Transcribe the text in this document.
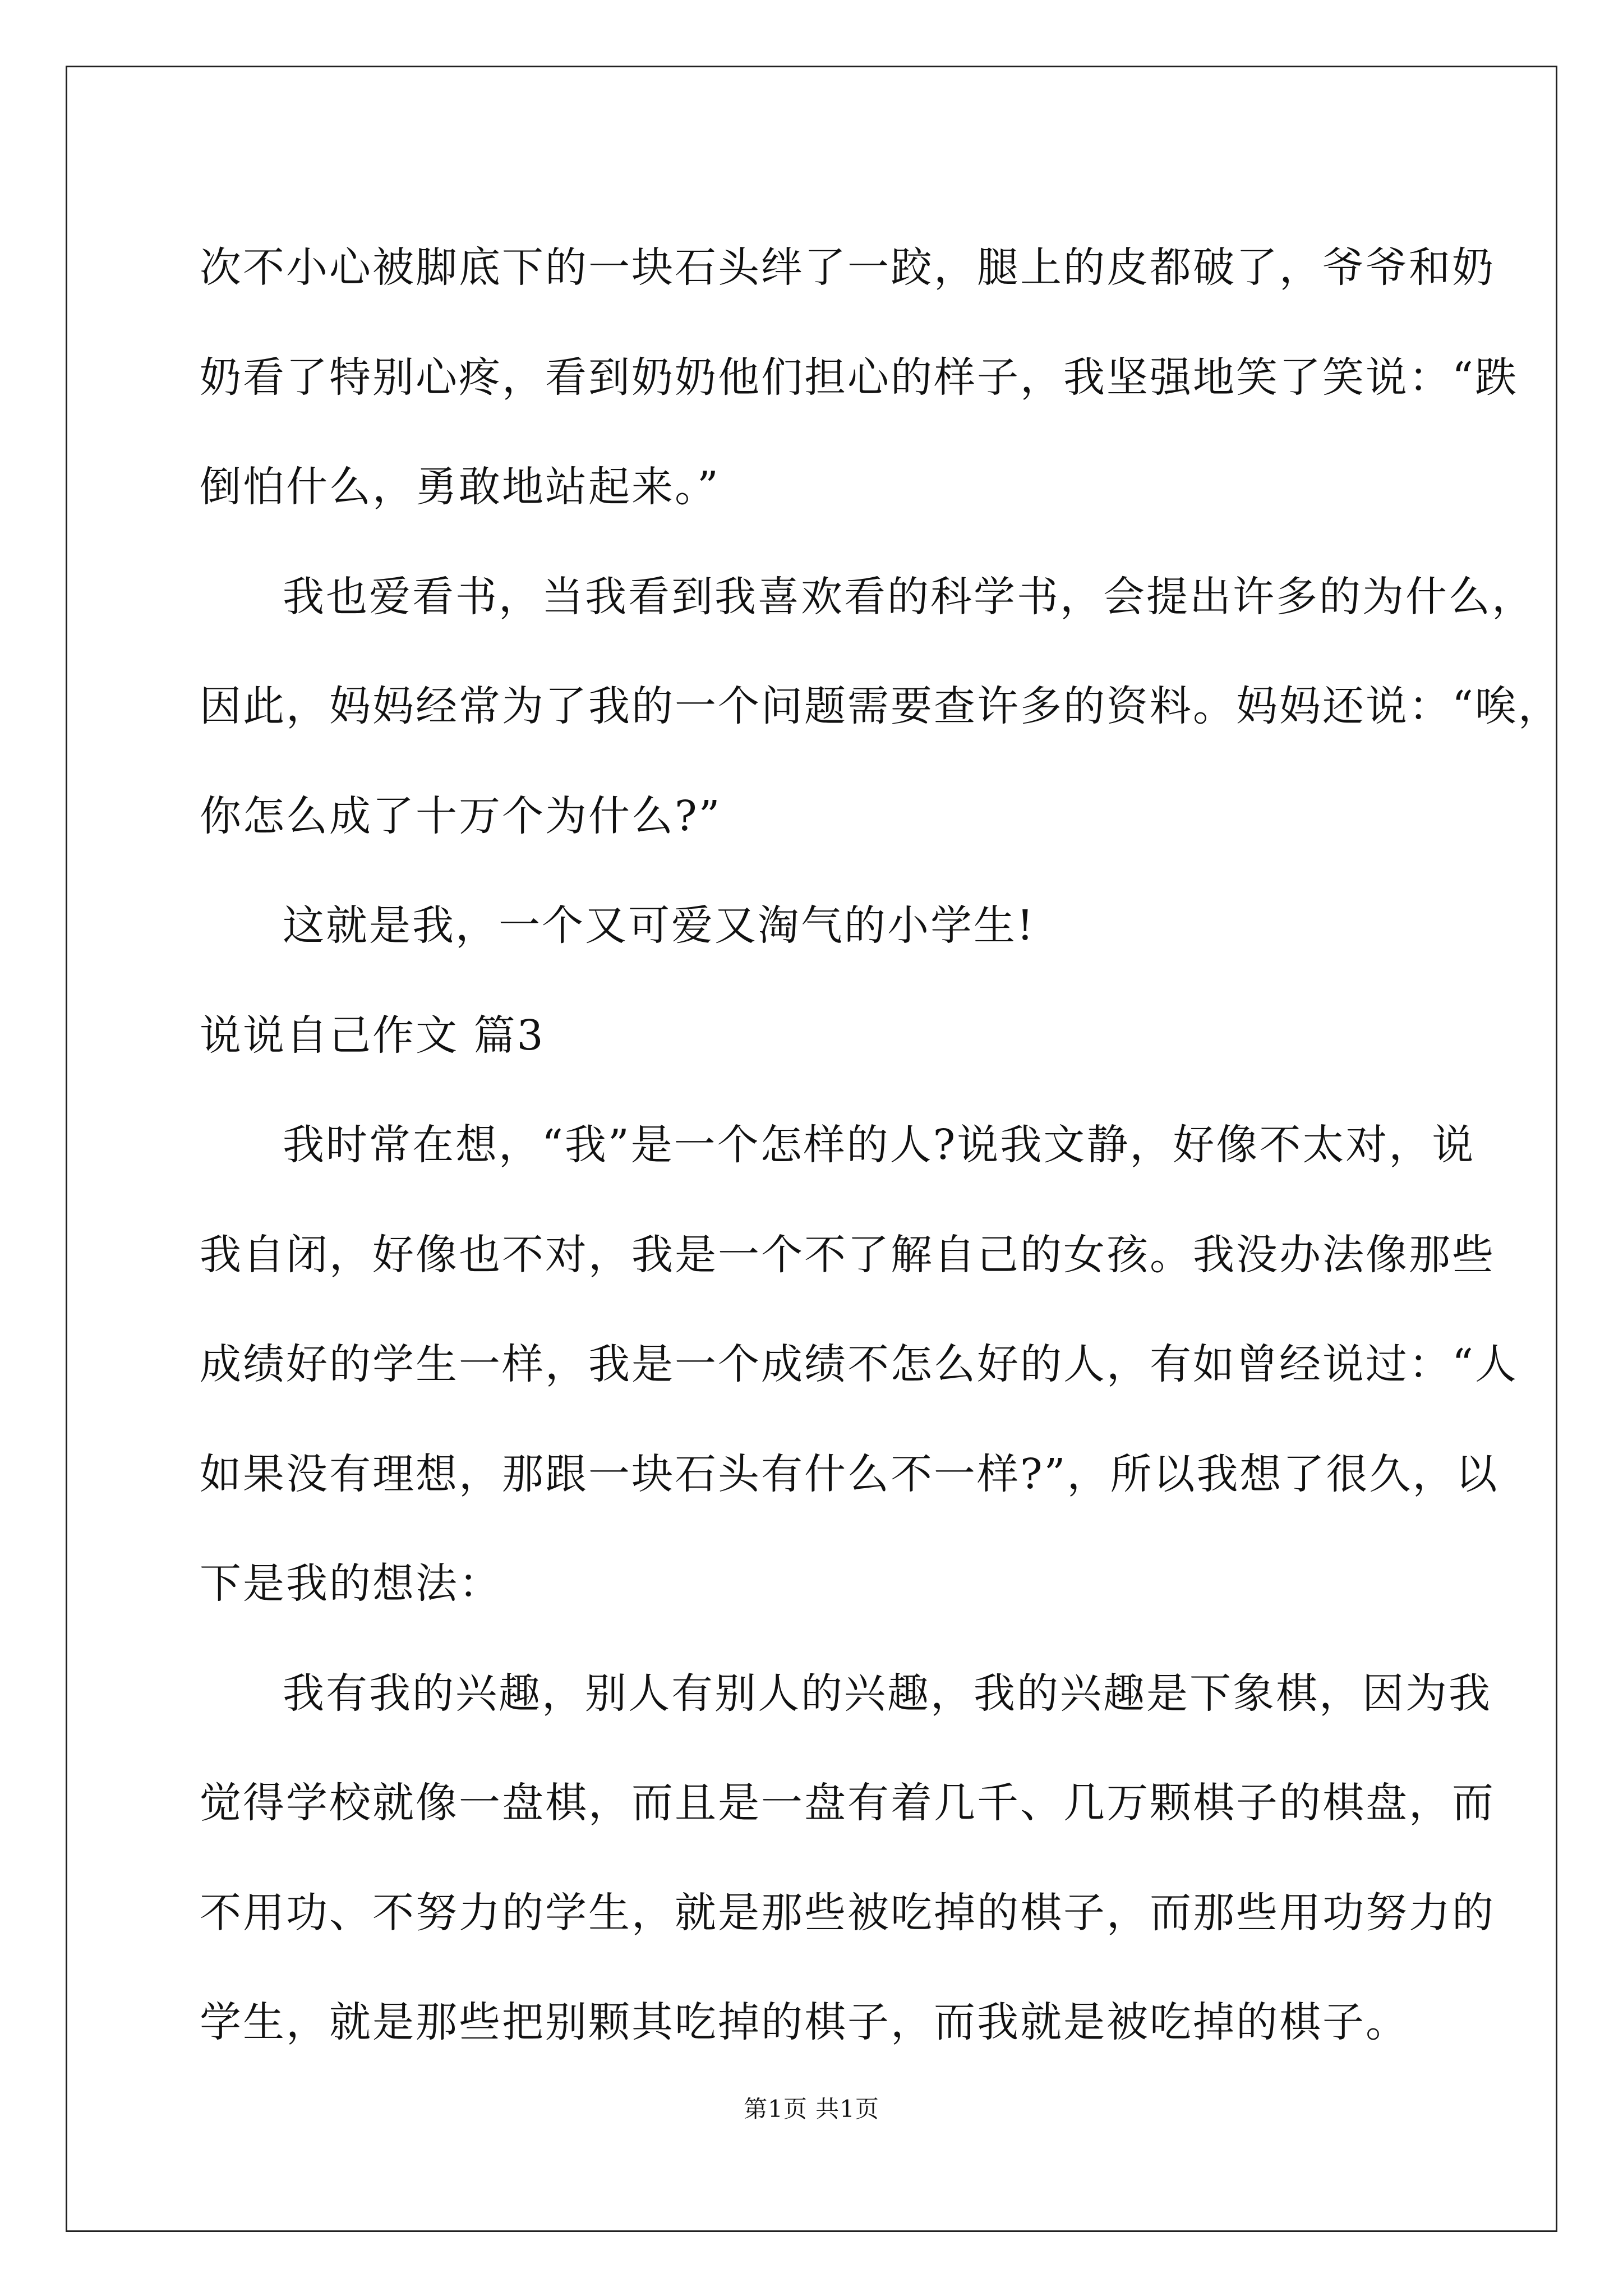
次不小心被脚底下的一块石头绊了一跤，腿上的皮都破了，爷爷和奶
奶看了特别心疼，看到奶奶他们担心的样子，我坚强地笑了笑说：“跌
倒怕什么，勇敢地站起来。”
我也爱看书，当我看到我喜欢看的科学书，会提出许多的为什么，
因此，妈妈经常为了我的一个问题需要查许多的资料。妈妈还说：“唉，
你怎么成了十万个为什么?”
这就是我，一个又可爱又淘气的小学生!
说说自己作文 篇3
我时常在想，“我”是一个怎样的人?说我文静，好像不太对，说
我自闭，好像也不对，我是一个不了解自己的女孩。我没办法像那些
成绩好的学生一样，我是一个成绩不怎么好的人，有如曾经说过：“人
如果没有理想，那跟一块石头有什么不一样?”，所以我想了很久，以
下是我的想法：
我有我的兴趣，别人有别人的兴趣，我的兴趣是下象棋，因为我
觉得学校就像一盘棋，而且是一盘有着几千、几万颗棋子的棋盘，而
不用功、不努力的学生，就是那些被吃掉的棋子，而那些用功努力的
学生，就是那些把别颗其吃掉的棋子，而我就是被吃掉的棋子。
第1页 共1页
